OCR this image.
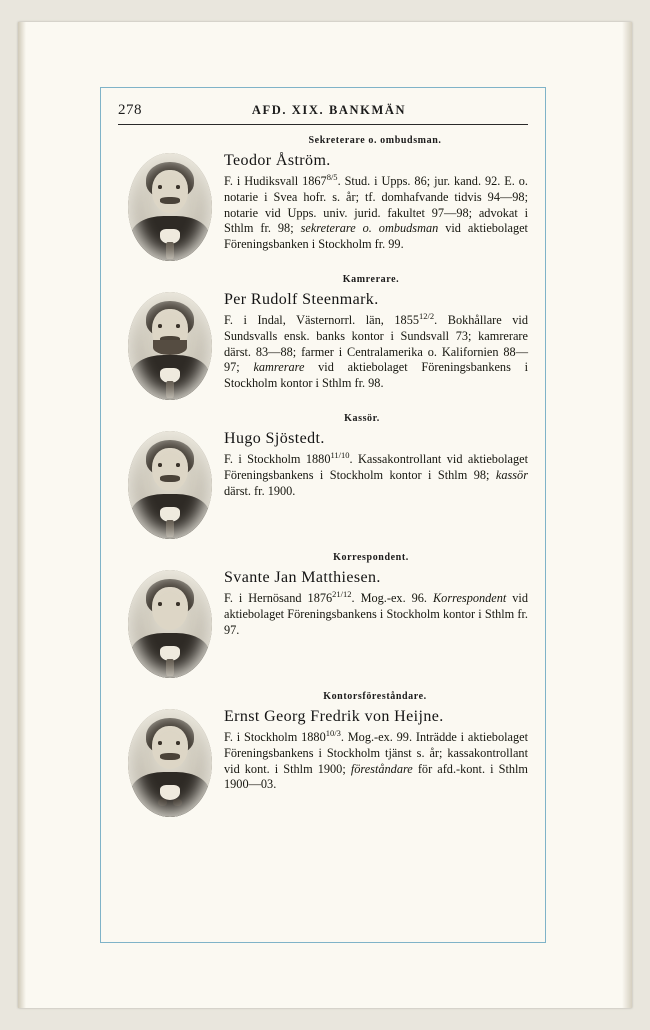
278	AFD. XIX. BANKMÄN
Sekreterare o. ombudsman.
Teodor Åström.

F. i Hudiksvall $1867^{8/5}$. Stud. i Upps. 86; jur. kand. 92. E. o. notarie i Svea hofr. s. år; tf. domhafvande tidvis 94—98; notarie vid Upps. univ. jurid. fakultet 97—98; advokat i Sthlm fr. 98; sekreterare o. ombudsman vid aktiebolaget Föreningsbanken i Stockholm fr. 99.

Kamrerare.
Per Rudolf Steenmark.

F. i Indal, Västernorrl. län, $1855^{12/2}$. Bokhållare vid Sundsvalls ensk. banks kontor i Sundsvall 73; kamrerare därst. 83—88; farmer i Centralamerika o. Kalifornien 88—97; kamrerare vid aktiebolaget Föreningsbankens i Stockholm kontor i Sthlm fr. 98.

Kassör.
Hugo Sjöstedt.

F. i Stockholm $1880^{11/10}$. Kassakontrollant vid aktiebolaget Föreningsbankens i Stockholm kontor i Sthlm 98; kassör därst. fr. 1900.

Korrespondent.
Svante Jan Matthiesen.

F. i Hernösand $1876^{21/12}$. Mog.-ex. 96. Korrespondent vid aktiebolaget Föreningsbankens i Stockholm kontor i Sthlm fr. 97.

Kontorsföreståndare.
Ernst Georg Fredrik von Heijne.

F. i Stockholm $1880^{10/3}$. Mog.-ex. 99. Inträdde i aktiebolaget Föreningsbankens i Stockholm tjänst s. år; kassakontrollant vid kont. i Sthlm 1900; föreståndare för afd.-kont. i Sthlm 1900—03.
